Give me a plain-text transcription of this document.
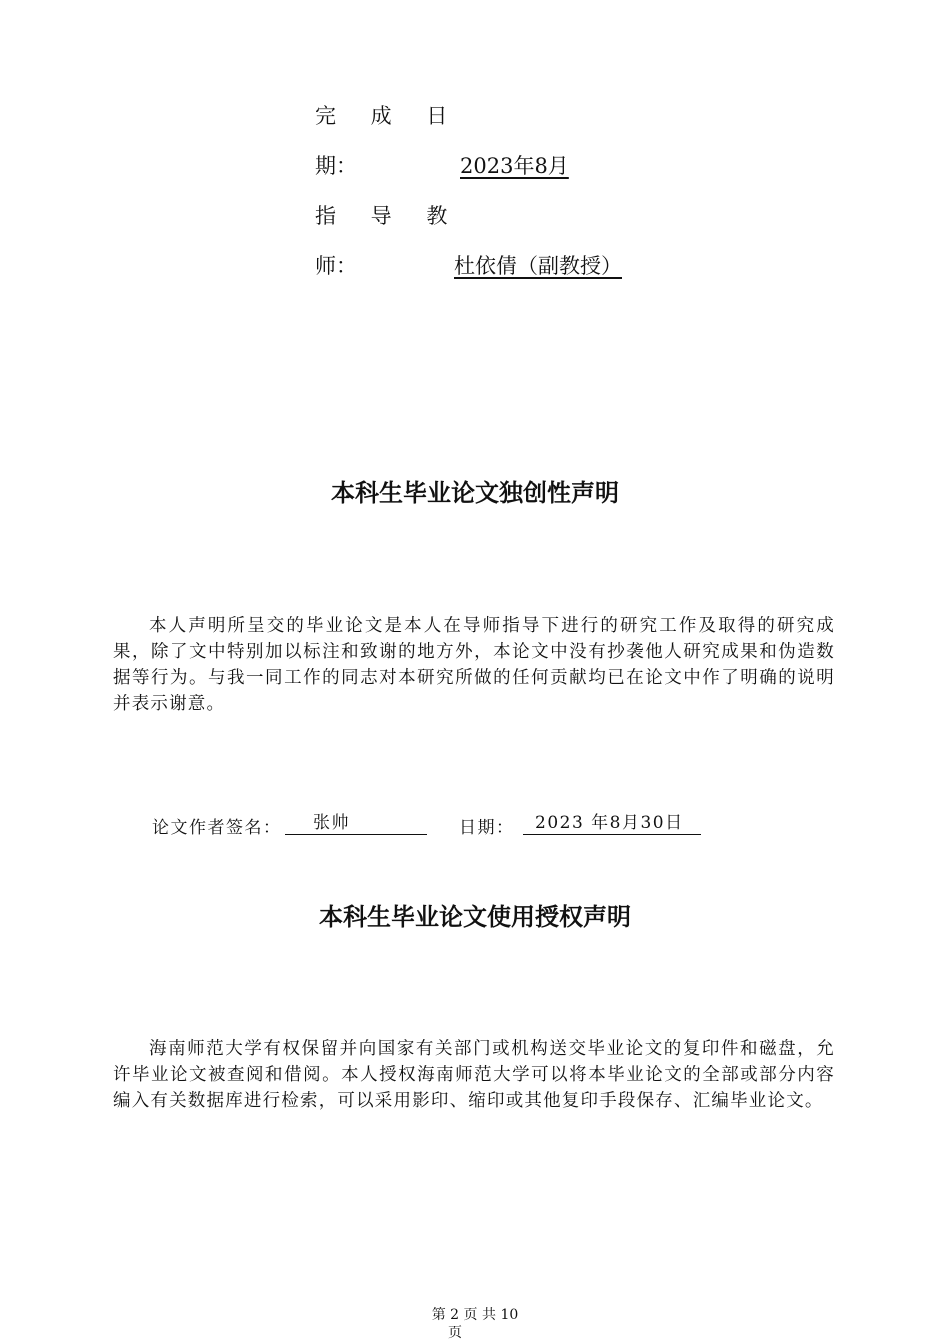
完 成 日
期：	2023年8月
指 导 教
师：	杜依倩（副教授）
本科生毕业论文独创性声明
本人声明所呈交的毕业论文是本人在导师指导下进行的研究工作及取得的研究成果，除了文中特别加以标注和致谢的地方外，本论文中没有抄袭他人研究成果和伪造数据等行为。与我一同工作的同志对本研究所做的任何贡献均已在论文中作了明确的说明并表示谢意。
论文作者签名：	张帅	日期：	2023 年8月30日
本科生毕业论文使用授权声明
海南师范大学有权保留并向国家有关部门或机构送交毕业论文的复印件和磁盘，允许毕业论文被查阅和借阅。本人授权海南师范大学可以将本毕业论文的全部或部分内容编入有关数据库进行检索，可以采用影印、缩印或其他复印手段保存、汇编毕业论文。
第 2 页 共 10
页
